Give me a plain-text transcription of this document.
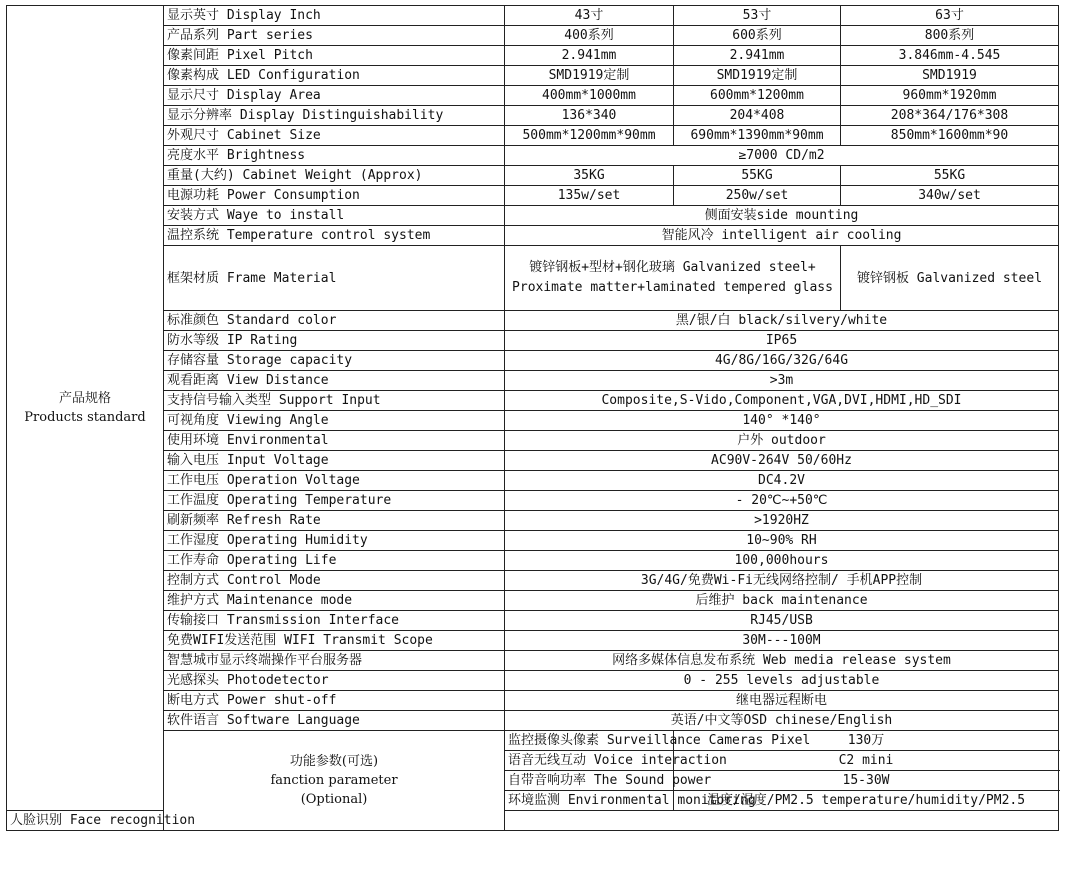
产品规格
Products standard	显示英寸 Display Inch	43寸	53寸	63寸
	产品系列 Part series	400系列	600系列	800系列
	像素间距 Pixel Pitch	2.941mm	2.941mm	3.846mm-4.545
	像素构成 LED Configuration	SMD1919定制	SMD1919定制	SMD1919
	显示尺寸 Display Area	400mm*1000mm	600mm*1200mm	960mm*1920mm
	显示分辨率 Display Distinguishability	136*340	204*408	208*364/176*308
	外观尺寸 Cabinet Size	500mm*1200mm*90mm	690mm*1390mm*90mm	850mm*1600mm*90
	亮度水平 Brightness	≥7000 CD/m2		
	重量(大约) Cabinet Weight (Approx)	35KG	55KG	55KG
	电源功耗 Power Consumption	135w/set	250w/set	340w/set
	安装方式 Waye to install	侧面安装side mounting		
	温控系统 Temperature control system	智能风冷 intelligent air cooling		
	框架材质 Frame Material	镀锌钢板+型材+钢化玻璃 Galvanized steel+ Proximate matter+laminated tempered glass		镀锌钢板 Galvanized steel
	标准颜色 Standard color	黑/银/白 black/silvery/white		
	防水等级 IP Rating	IP65		
	存储容量 Storage capacity	4G/8G/16G/32G/64G		
	观看距离 View Distance	>3m		
	支持信号输入类型 Support Input	Composite,S-Vido,Component,VGA,DVI,HDMI,HD_SDI		
	可视角度 Viewing Angle	140° *140°		
	使用环境 Environmental	户外 outdoor		
	输入电压 Input Voltage	AC90V-264V 50/60Hz		
	工作电压 Operation Voltage	DC4.2V		
	工作温度 Operating Temperature	- 20℃~+50℃		
	刷新频率 Refresh Rate	>1920HZ		
	工作湿度 Operating Humidity	10~90% RH		
	工作寿命 Operating Life	100,000hours		
	控制方式 Control Mode	3G/4G/免费Wi-Fi无线网络控制/ 手机APP控制		
	维护方式 Maintenance mode	后维护 back maintenance		
	传输接口 Transmission Interface	RJ45/USB		
	免费WIFI发送范围 WIFI Transmit Scope	30M---100M		
	智慧城市显示终端操作平台服务器	网络多媒体信息发布系统 Web media release system		
	光感探头 Photodetector	0 - 255 levels adjustable		
	断电方式 Power shut-off	继电器远程断电		
	软件语言 Software Language	英语/中文等OSD chinese/English		
	功能参数(可选)
fanction parameter
(Optional)	监控摄像头像素 Surveillance Cameras Pixel	130万	
		语音无线互动 Voice interaction	C2 mini	
		自带音响功率 The Sound power	15-30W	
		环境监测 Environmental monitoring	温度/湿度/PM2.5 temperature/humidity/PM2.5	
人脸识别 Face recognition				
